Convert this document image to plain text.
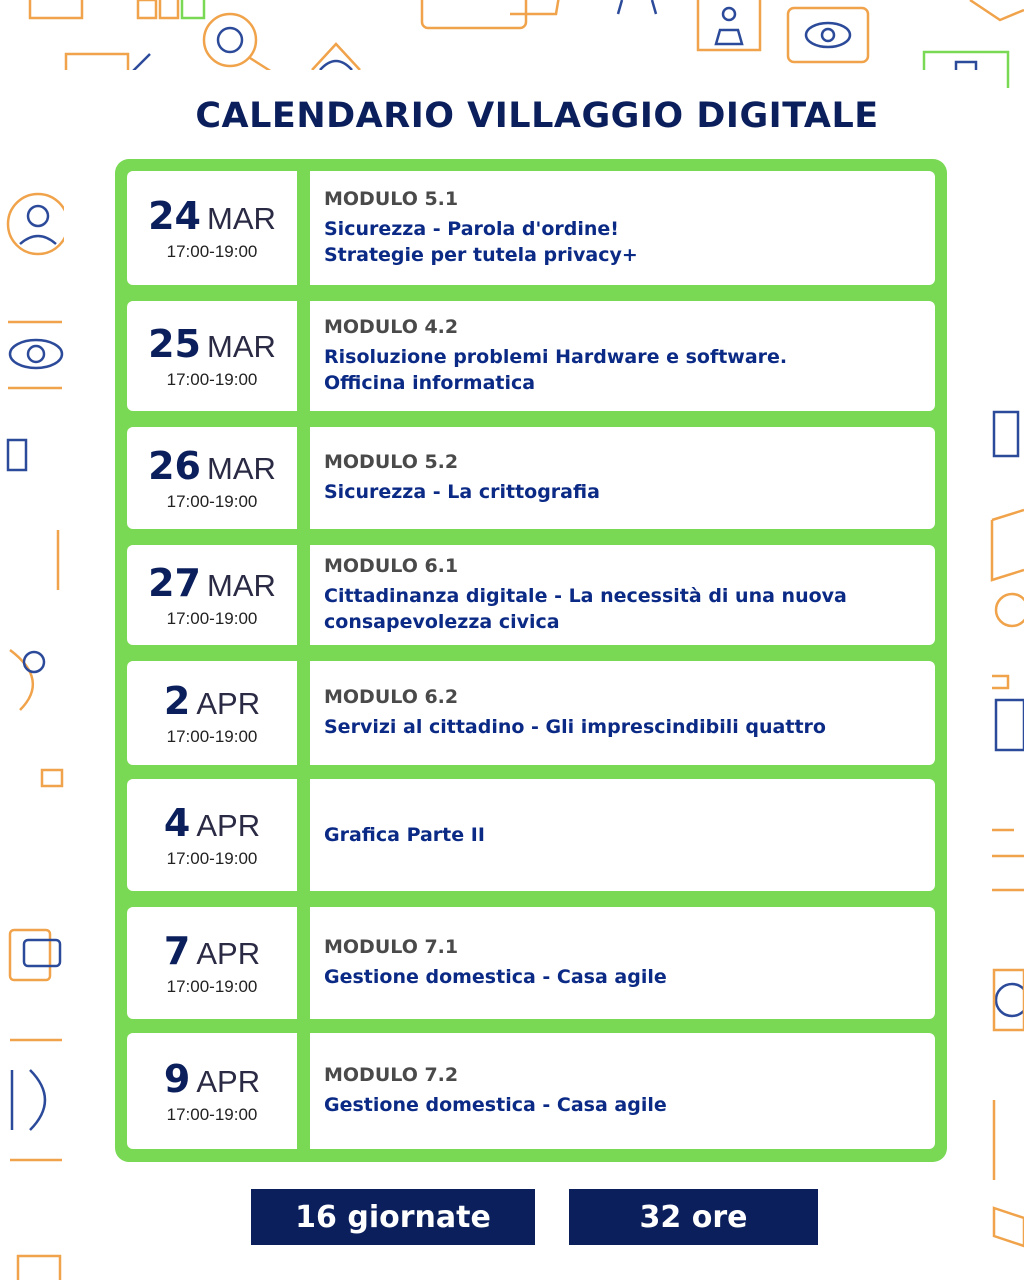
CALENDARIO VILLAGGIO DIGITALE
24 MAR
17:00-19:00
MODULO 5.1
Sicurezza - Parola d'ordine!
Strategie per tutela privacy+
25 MAR
17:00-19:00
MODULO 4.2
Risoluzione problemi Hardware e software.
Officina informatica
26 MAR
17:00-19:00
MODULO 5.2
Sicurezza - La crittografia
27 MAR
17:00-19:00
MODULO 6.1
Cittadinanza digitale - La necessità di una nuova
consapevolezza civica
2 APR
17:00-19:00
MODULO 6.2
Servizi al cittadino - Gli imprescindibili quattro
4 APR
17:00-19:00
Grafica Parte II
7 APR
17:00-19:00
MODULO 7.1
Gestione domestica - Casa agile
9 APR
17:00-19:00
MODULO 7.2
Gestione domestica - Casa agile
16 giornate	32 ore
